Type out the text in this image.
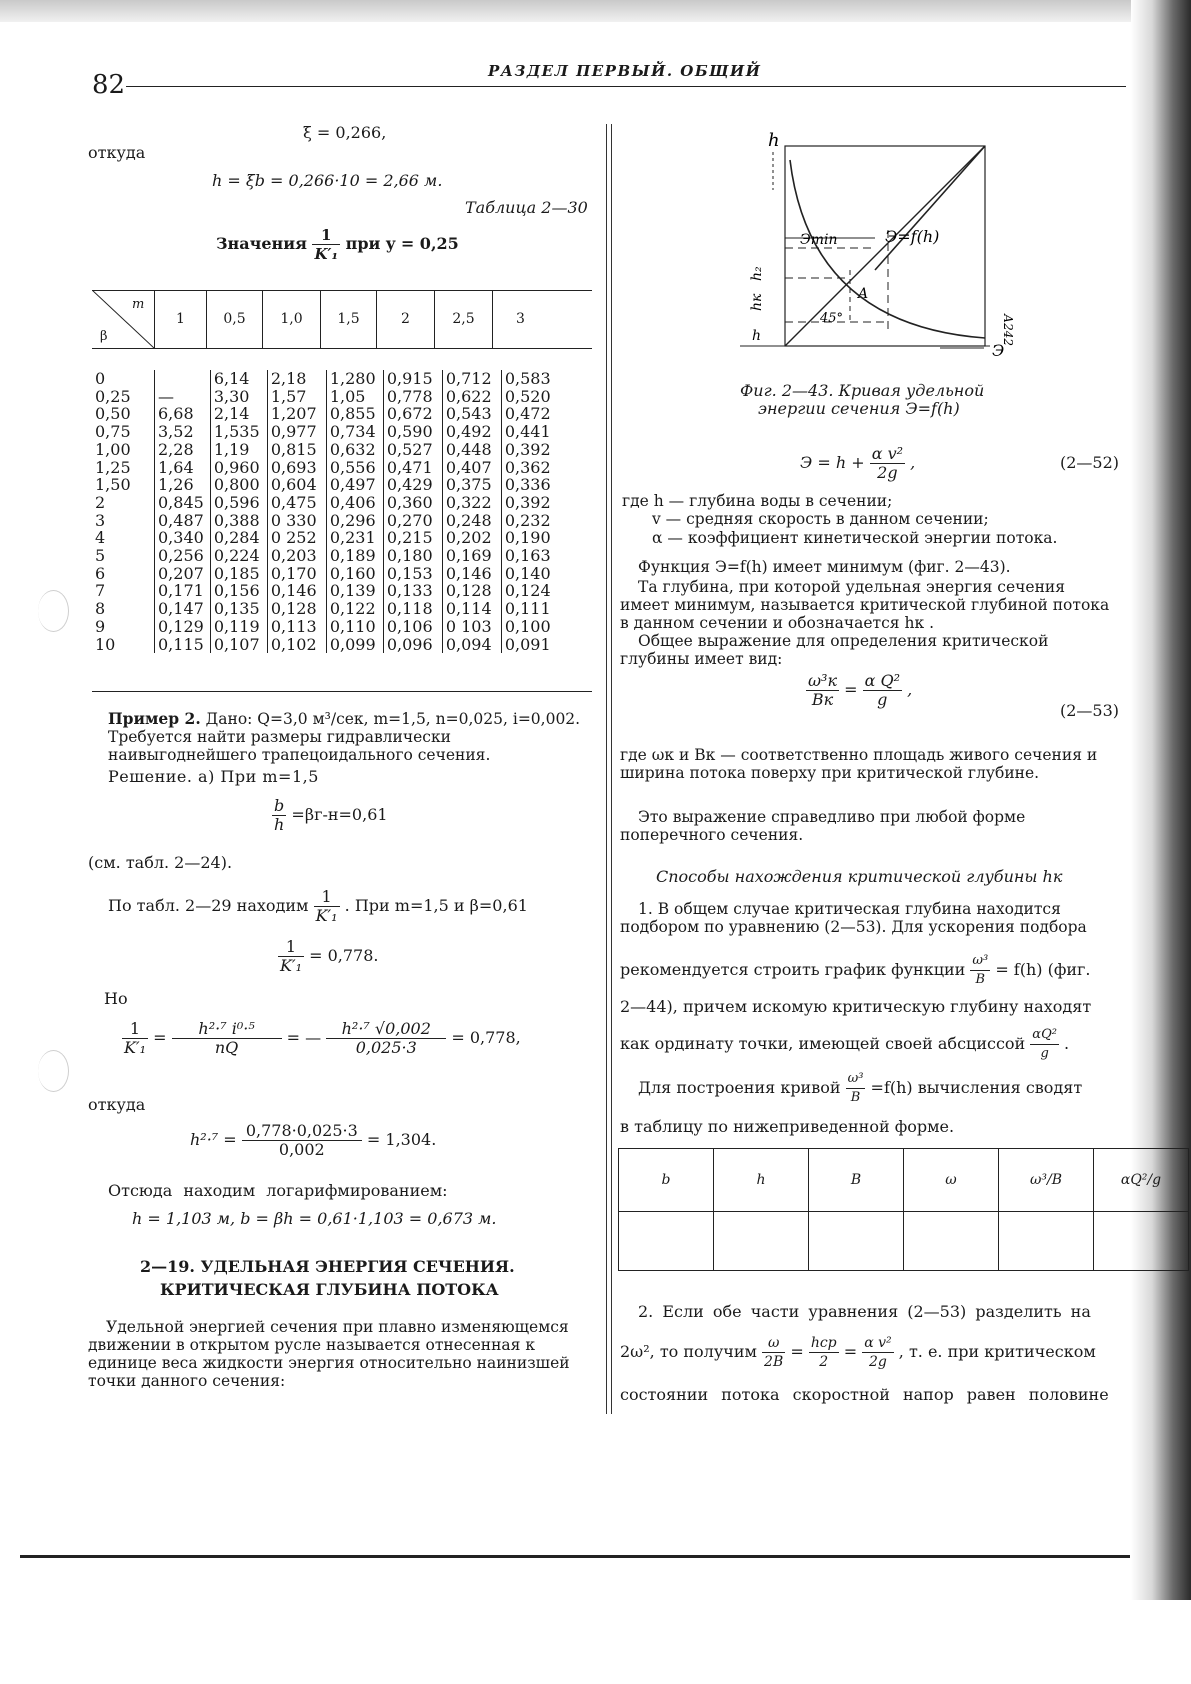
82	РАЗДЕЛ ПЕРВЫЙ. ОБЩИЙ
ξ = 0,266,
откуда
h = ξb = 0,266·10 = 2,66 м.
Таблица 2—30
Значения $\frac{1}{\text{K′₁}}$ при y = 0,25
m
β
1	0,5	1,0	1,5	2	2,5	3
0		6,14	2,18	1,280	0,915	0,712	0,583
0,25	—	3,30	1,57	1,05	0,778	0,622	0,520
0,50	6,68	2,14	1,207	0,855	0,672	0,543	0,472
0,75	3,52	1,535	0,977	0,734	0,590	0,492	0,441
1,00	2,28	1,19	0,815	0,632	0,527	0,448	0,392
1,25	1,64	0,960	0,693	0,556	0,471	0,407	0,362
1,50	1,26	0,800	0,604	0,497	0,429	0,375	0,336
2	0,845	0,596	0,475	0,406	0,360	0,322	0,392
3	0,487	0,388	0 330	0,296	0,270	0,248	0,232
4	0,340	0,284	0 252	0,231	0,215	0,202	0,190
5	0,256	0,224	0,203	0,189	0,180	0,169	0,163
6	0,207	0,185	0,170	0,160	0,153	0,146	0,140
7	0,171	0,156	0,146	0,139	0,133	0,128	0,124
8	0,147	0,135	0,128	0,122	0,118	0,114	0,111
9	0,129	0,119	0,113	0,110	0,106	0 103	0,100
10	0,115	0,107	0,102	0,099	0,096	0,094	0,091
Пример 2. Дано: Q=3,0 м³/сек, m=1,5, n=0,025, i=0,002. Требуется найти размеры гидравлически наивыгоднейшего трапецоидального сечения.
Решение. а) При m=1,5
$\frac{b}{h} =\beta г-н=0,61$
(см. табл. 2—24).
По табл. 2—29 находим $\frac{1}{\text{K′₁}}$ . При m=1,5 и β=0,61
$\frac{1}{\text{K′₁}} = 0,778$.
Но
$\frac{1}{\text{K′₁}} = \frac{\text{h²·⁷ i⁰·⁵}}{nQ}$ = — $\frac{\text{h²·⁷ √0,002}}{0,025\cdot 3} = 0,778$,
откуда
$h^2\cdot^7 = \frac{0,778\cdot 0,025\cdot 3}{0,002} = 1,304$.
Отсюда находим логарифмированием:
h = 1,103 м, b = βh = 0,61·1,103 = 0,673 м.
2—19. УДЕЛЬНАЯ ЭНЕРГИЯ СЕЧЕНИЯ.
КРИТИЧЕСКАЯ ГЛУБИНА ПОТОКА
Удельной энергией сечения при плавно изменяющемся движении в открытом русле называется отнесенная к единице веса жидкости энергия относительно наинизшей точки данного сечения:
h
Э
Эmin	Э=f(h)
A
45°
h₂
hк
h	А242
Фиг. 2—43. Кривая удельной
энергии сечения Э=f(h)
$Э = h + \frac{\text{α v²}}{2g}$ ,	(2—52)
где h — глубина воды в сечении;
v — средняя скорость в данном сечении;
α — коэффициент кинетической энергии потока.
Функция Э=f(h) имеет минимум (фиг. 2—43).
Та глубина, при которой удельная энергия сечения имеет минимум, называется критической глубиной потока в данном сечении и обозначается hк .
Общее выражение для определения критической глубины имеет вид:
$\frac{\text{ω³к}}{Bк} = \frac{\text{α Q²}}{g}$ ,
(2—53)
где ωк и Bк — соответственно площадь живого сечения и ширина потока поверху при критической глубине.
Это выражение справедливо при любой форме поперечного сечения.
Способы нахождения критической глубины hк
1. В общем случае критическая глубина находится подбором по уравнению (2—53). Для ускорения подбора
рекомендуется строить график функции $\frac{\text{ω³}}{B} = f(h)$ (фиг.
2—44), причем искомую критическую глубину находят
как ординату точки, имеющей своей абсциссой $\frac{\text{αQ²}}{g}$ .
Для построения кривой $\frac{\text{ω³}}{B} =f(h)$ вычисления сводят
в таблицу по нижеприведенной форме.
b	h	B	ω	ω³/B	αQ²/g

2. Если обе части уравнения (2—53) разделить на
2ω², то получим $\frac{\omega}{2B} = \frac{\text{hср}}{2} = \frac{\text{α v²}}{2g}$ , т. е. при критическом
состоянии потока скоростной напор равен половине
